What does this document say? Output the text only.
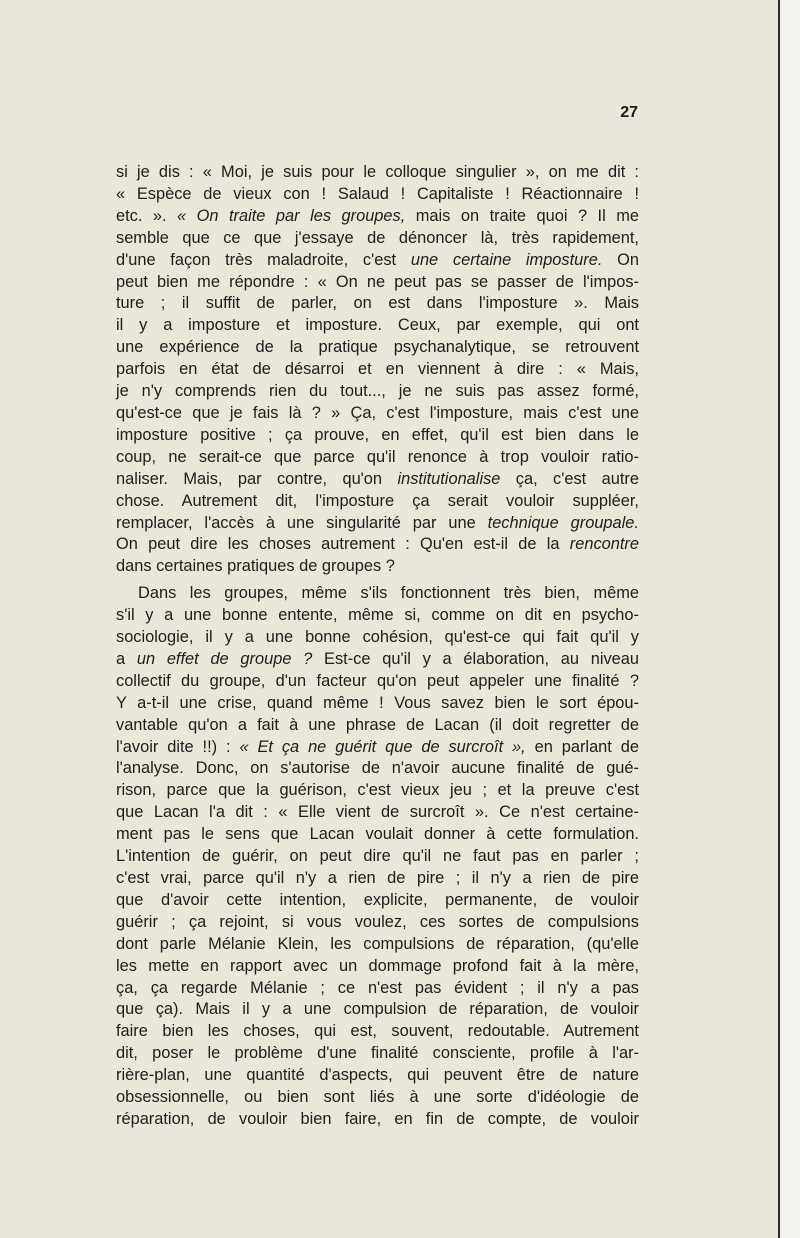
27
si je dis : « Moi, je suis pour le colloque singulier », on me dit :
« Espèce de vieux con ! Salaud ! Capitaliste ! Réactionnaire !
etc. ». « On traite par les groupes, mais on traite quoi ? Il me
semble que ce que j'essaye de dénoncer là, très rapidement,
d'une façon très maladroite, c'est une certaine imposture. On
peut bien me répondre : « On ne peut pas se passer de l'impos-
ture ; il suffit de parler, on est dans l'imposture ». Mais
il y a imposture et imposture. Ceux, par exemple, qui ont
une expérience de la pratique psychanalytique, se retrouvent
parfois en état de désarroi et en viennent à dire : « Mais,
je n'y comprends rien du tout..., je ne suis pas assez formé,
qu'est-ce que je fais là ? » Ça, c'est l'imposture, mais c'est une
imposture positive ; ça prouve, en effet, qu'il est bien dans le
coup, ne serait-ce que parce qu'il renonce à trop vouloir ratio-
naliser. Mais, par contre, qu'on institutionalise ça, c'est autre
chose. Autrement dit, l'imposture ça serait vouloir suppléer,
remplacer, l'accès à une singularité par une technique groupale.
On peut dire les choses autrement : Qu'en est-il de la rencontre
dans certaines pratiques de groupes ?
Dans les groupes, même s'ils fonctionnent très bien, même
s'il y a une bonne entente, même si, comme on dit en psycho-
sociologie, il y a une bonne cohésion, qu'est-ce qui fait qu'il y
a un effet de groupe ? Est-ce qu'il y a élaboration, au niveau
collectif du groupe, d'un facteur qu'on peut appeler une finalité ?
Y a-t-il une crise, quand même ! Vous savez bien le sort épou-
vantable qu'on a fait à une phrase de Lacan (il doit regretter de
l'avoir dite !!) : « Et ça ne guérit que de surcroît », en parlant de
l'analyse. Donc, on s'autorise de n'avoir aucune finalité de gué-
rison, parce que la guérison, c'est vieux jeu ; et la preuve c'est
que Lacan l'a dit : « Elle vient de surcroît ». Ce n'est certaine-
ment pas le sens que Lacan voulait donner à cette formulation.
L'intention de guérir, on peut dire qu'il ne faut pas en parler ;
c'est vrai, parce qu'il n'y a rien de pire ; il n'y a rien de pire
que d'avoir cette intention, explicite, permanente, de vouloir
guérir ; ça rejoint, si vous voulez, ces sortes de compulsions
dont parle Mélanie Klein, les compulsions de réparation, (qu'elle
les mette en rapport avec un dommage profond fait à la mère,
ça, ça regarde Mélanie ; ce n'est pas évident ; il n'y a pas
que ça). Mais il y a une compulsion de réparation, de vouloir
faire bien les choses, qui est, souvent, redoutable. Autrement
dit, poser le problème d'une finalité consciente, profile à l'ar-
rière-plan, une quantité d'aspects, qui peuvent être de nature
obsessionnelle, ou bien sont liés à une sorte d'idéologie de
réparation, de vouloir bien faire, en fin de compte, de vouloir
